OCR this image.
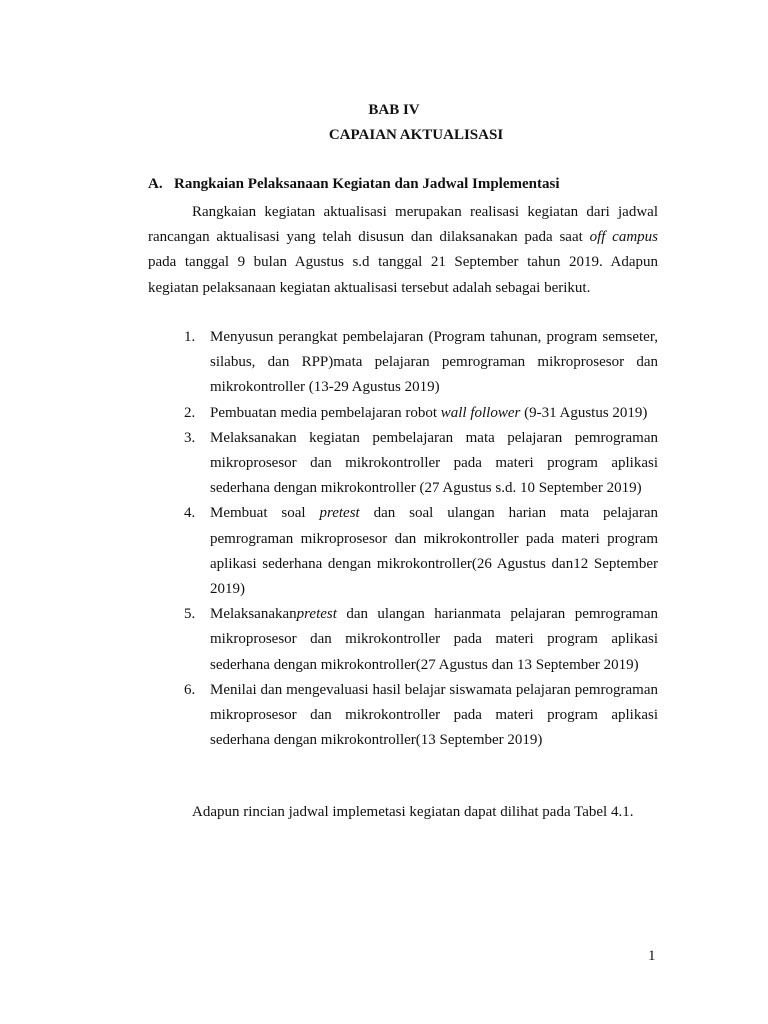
BAB IV
CAPAIAN AKTUALISASI
A. Rangkaian Pelaksanaan Kegiatan dan Jadwal Implementasi

Rangkaian kegiatan aktualisasi merupakan realisasi kegiatan dari jadwal rancangan aktualisasi yang telah disusun dan dilaksanakan pada saat off campus pada tanggal 9 bulan Agustus s.d tanggal 21 September tahun 2019. Adapun kegiatan pelaksanaan kegiatan aktualisasi tersebut adalah sebagai berikut.

1. Menyusun perangkat pembelajaran (Program tahunan, program semseter, silabus, dan RPP)mata pelajaran pemrograman mikroprosesor dan mikrokontroller (13-29 Agustus 2019)
2. Pembuatan media pembelajaran robot wall follower (9-31 Agustus 2019)
3. Melaksanakan kegiatan pembelajaran mata pelajaran pemrograman mikroprosesor dan mikrokontroller pada materi program aplikasi sederhana dengan mikrokontroller (27 Agustus s.d. 10 September 2019)
4. Membuat soal pretest dan soal ulangan harian mata pelajaran pemrograman mikroprosesor dan mikrokontroller pada materi program aplikasi sederhana dengan mikrokontroller(26 Agustus dan12 September 2019)
5. Melaksanakanpretest dan ulangan harianmata pelajaran pemrograman mikroprosesor dan mikrokontroller pada materi program aplikasi sederhana dengan mikrokontroller(27 Agustus dan 13 September 2019)
6. Menilai dan mengevaluasi hasil belajar siswamata pelajaran pemrograman mikroprosesor dan mikrokontroller pada materi program aplikasi sederhana dengan mikrokontroller(13 September 2019)

Adapun rincian jadwal implemetasi kegiatan dapat dilihat pada Tabel 4.1.

1
